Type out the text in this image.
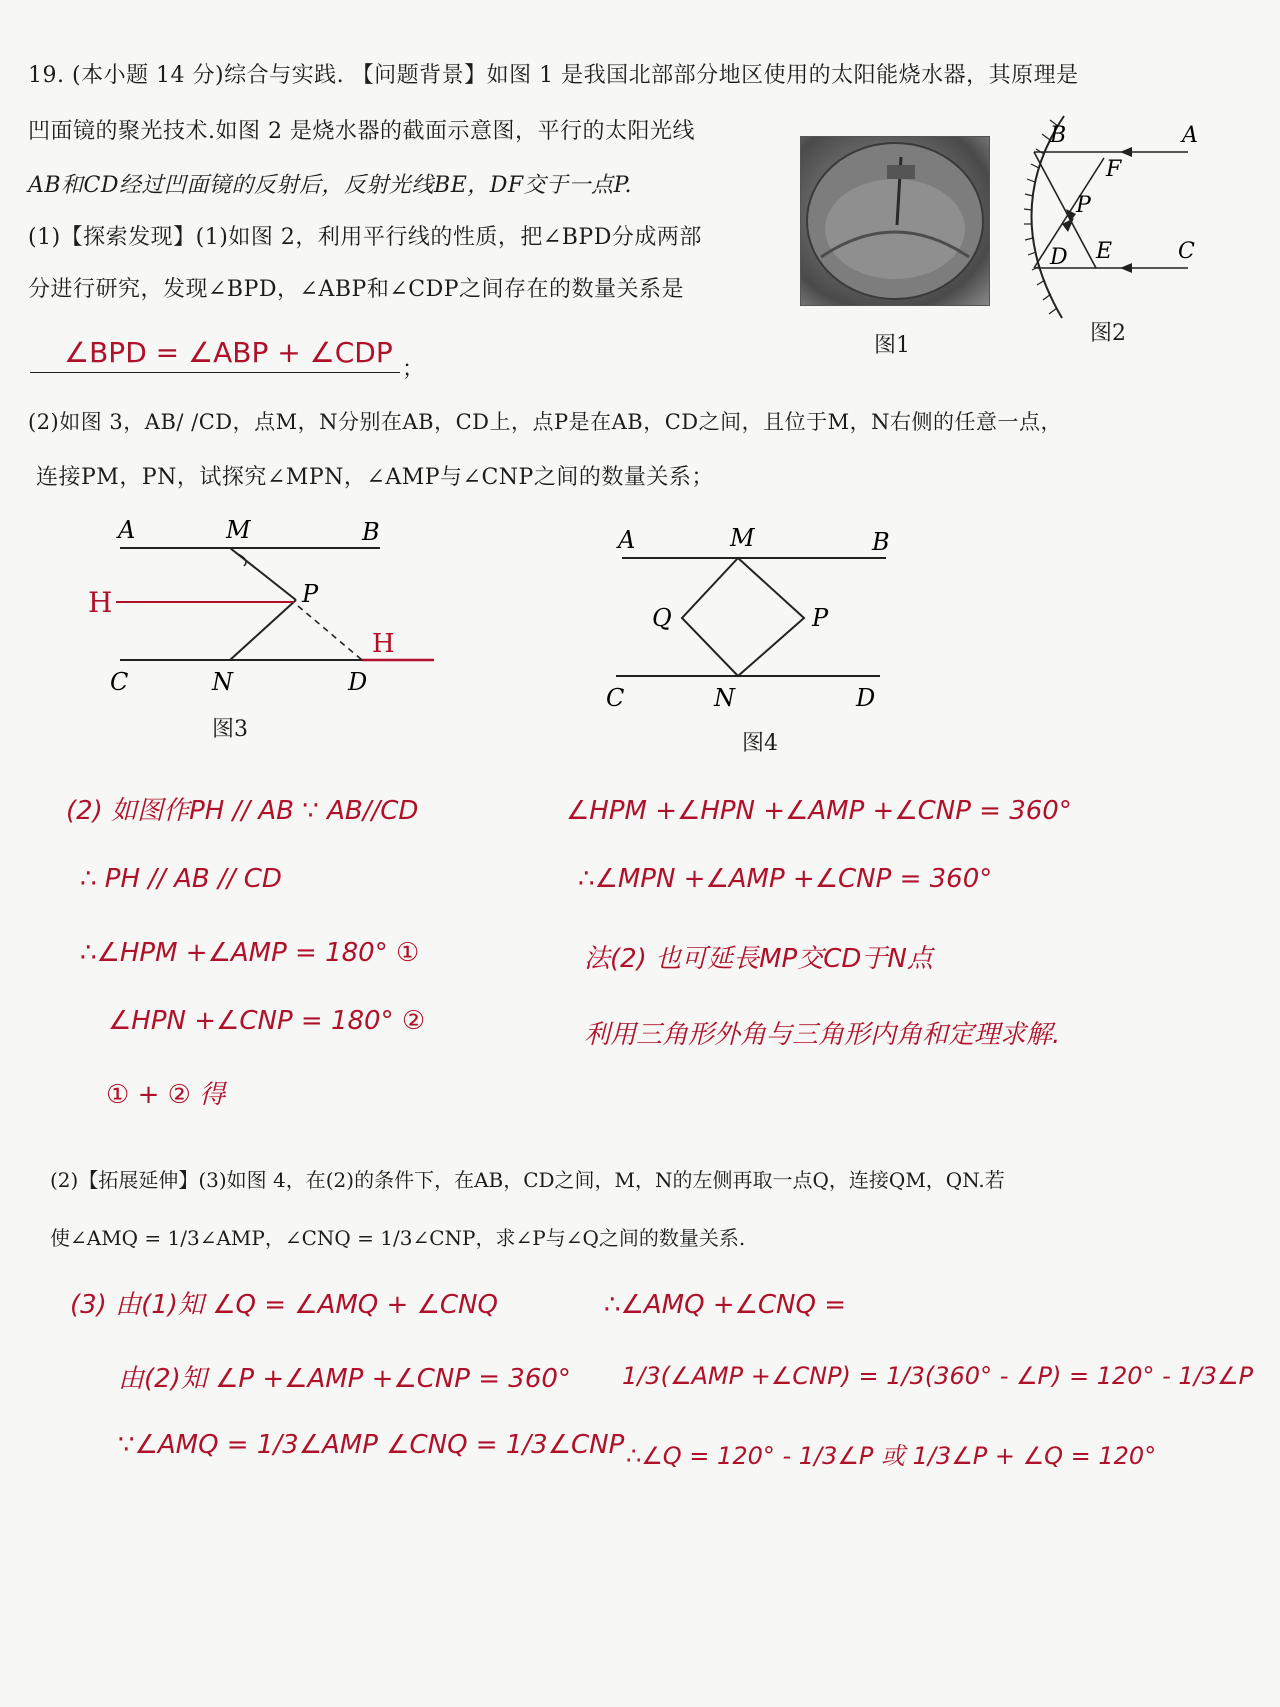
19. (本小题 14 分)综合与实践. 【问题背景】如图 1 是我国北部部分地区使用的太阳能烧水器，其原理是
凹面镜的聚光技术.如图 2 是烧水器的截面示意图，平行的太阳光线
AB和CD经过凹面镜的反射后，反射光线BE，DF交于一点P.
(1)【探索发现】(1)如图 2，利用平行线的性质，把∠BPD分成两部
分进行研究，发现∠BPD，∠ABP和∠CDP之间存在的数量关系是
∠BPD = ∠ABP + ∠CDP
；
(2)如图 3，AB/ /CD，点M，N分别在AB，CD上，点P是在AB，CD之间，且位于M，N右侧的任意一点，
连接PM，PN，试探究∠MPN，∠AMP与∠CNP之间的数量关系；
图1
B	A
F
P
D E	C
图2
A	M	B
H	P
H
C	N	D
图3
A	M	B
Q	P
C	N	D
图4
(2) 如图作PH // AB ∵ AB//CD
∴ PH // AB // CD
∴∠HPM +∠AMP = 180° ①
∠HPN +∠CNP = 180° ②
① + ② 得
∠HPM +∠HPN +∠AMP +∠CNP = 360°
∴∠MPN +∠AMP +∠CNP = 360°
法(2) 也可延長MP交CD于N点
利用三角形外角与三角形内角和定理求解.
(2)【拓展延伸】(3)如图 4，在(2)的条件下，在AB，CD之间，M，N的左侧再取一点Q，连接QM，QN.若
使∠AMQ = 1/3∠AMP，∠CNQ = 1/3∠CNP，求∠P与∠Q之间的数量关系.
(3) 由(1)知 ∠Q = ∠AMQ + ∠CNQ
由(2)知 ∠P +∠AMP +∠CNP = 360°
∵∠AMQ = 1/3∠AMP ∠CNQ = 1/3∠CNP
∴∠AMQ +∠CNQ =
1/3(∠AMP +∠CNP) = 1/3(360° - ∠P) = 120° - 1/3∠P
∴∠Q = 120° - 1/3∠P 或 1/3∠P + ∠Q = 120°
